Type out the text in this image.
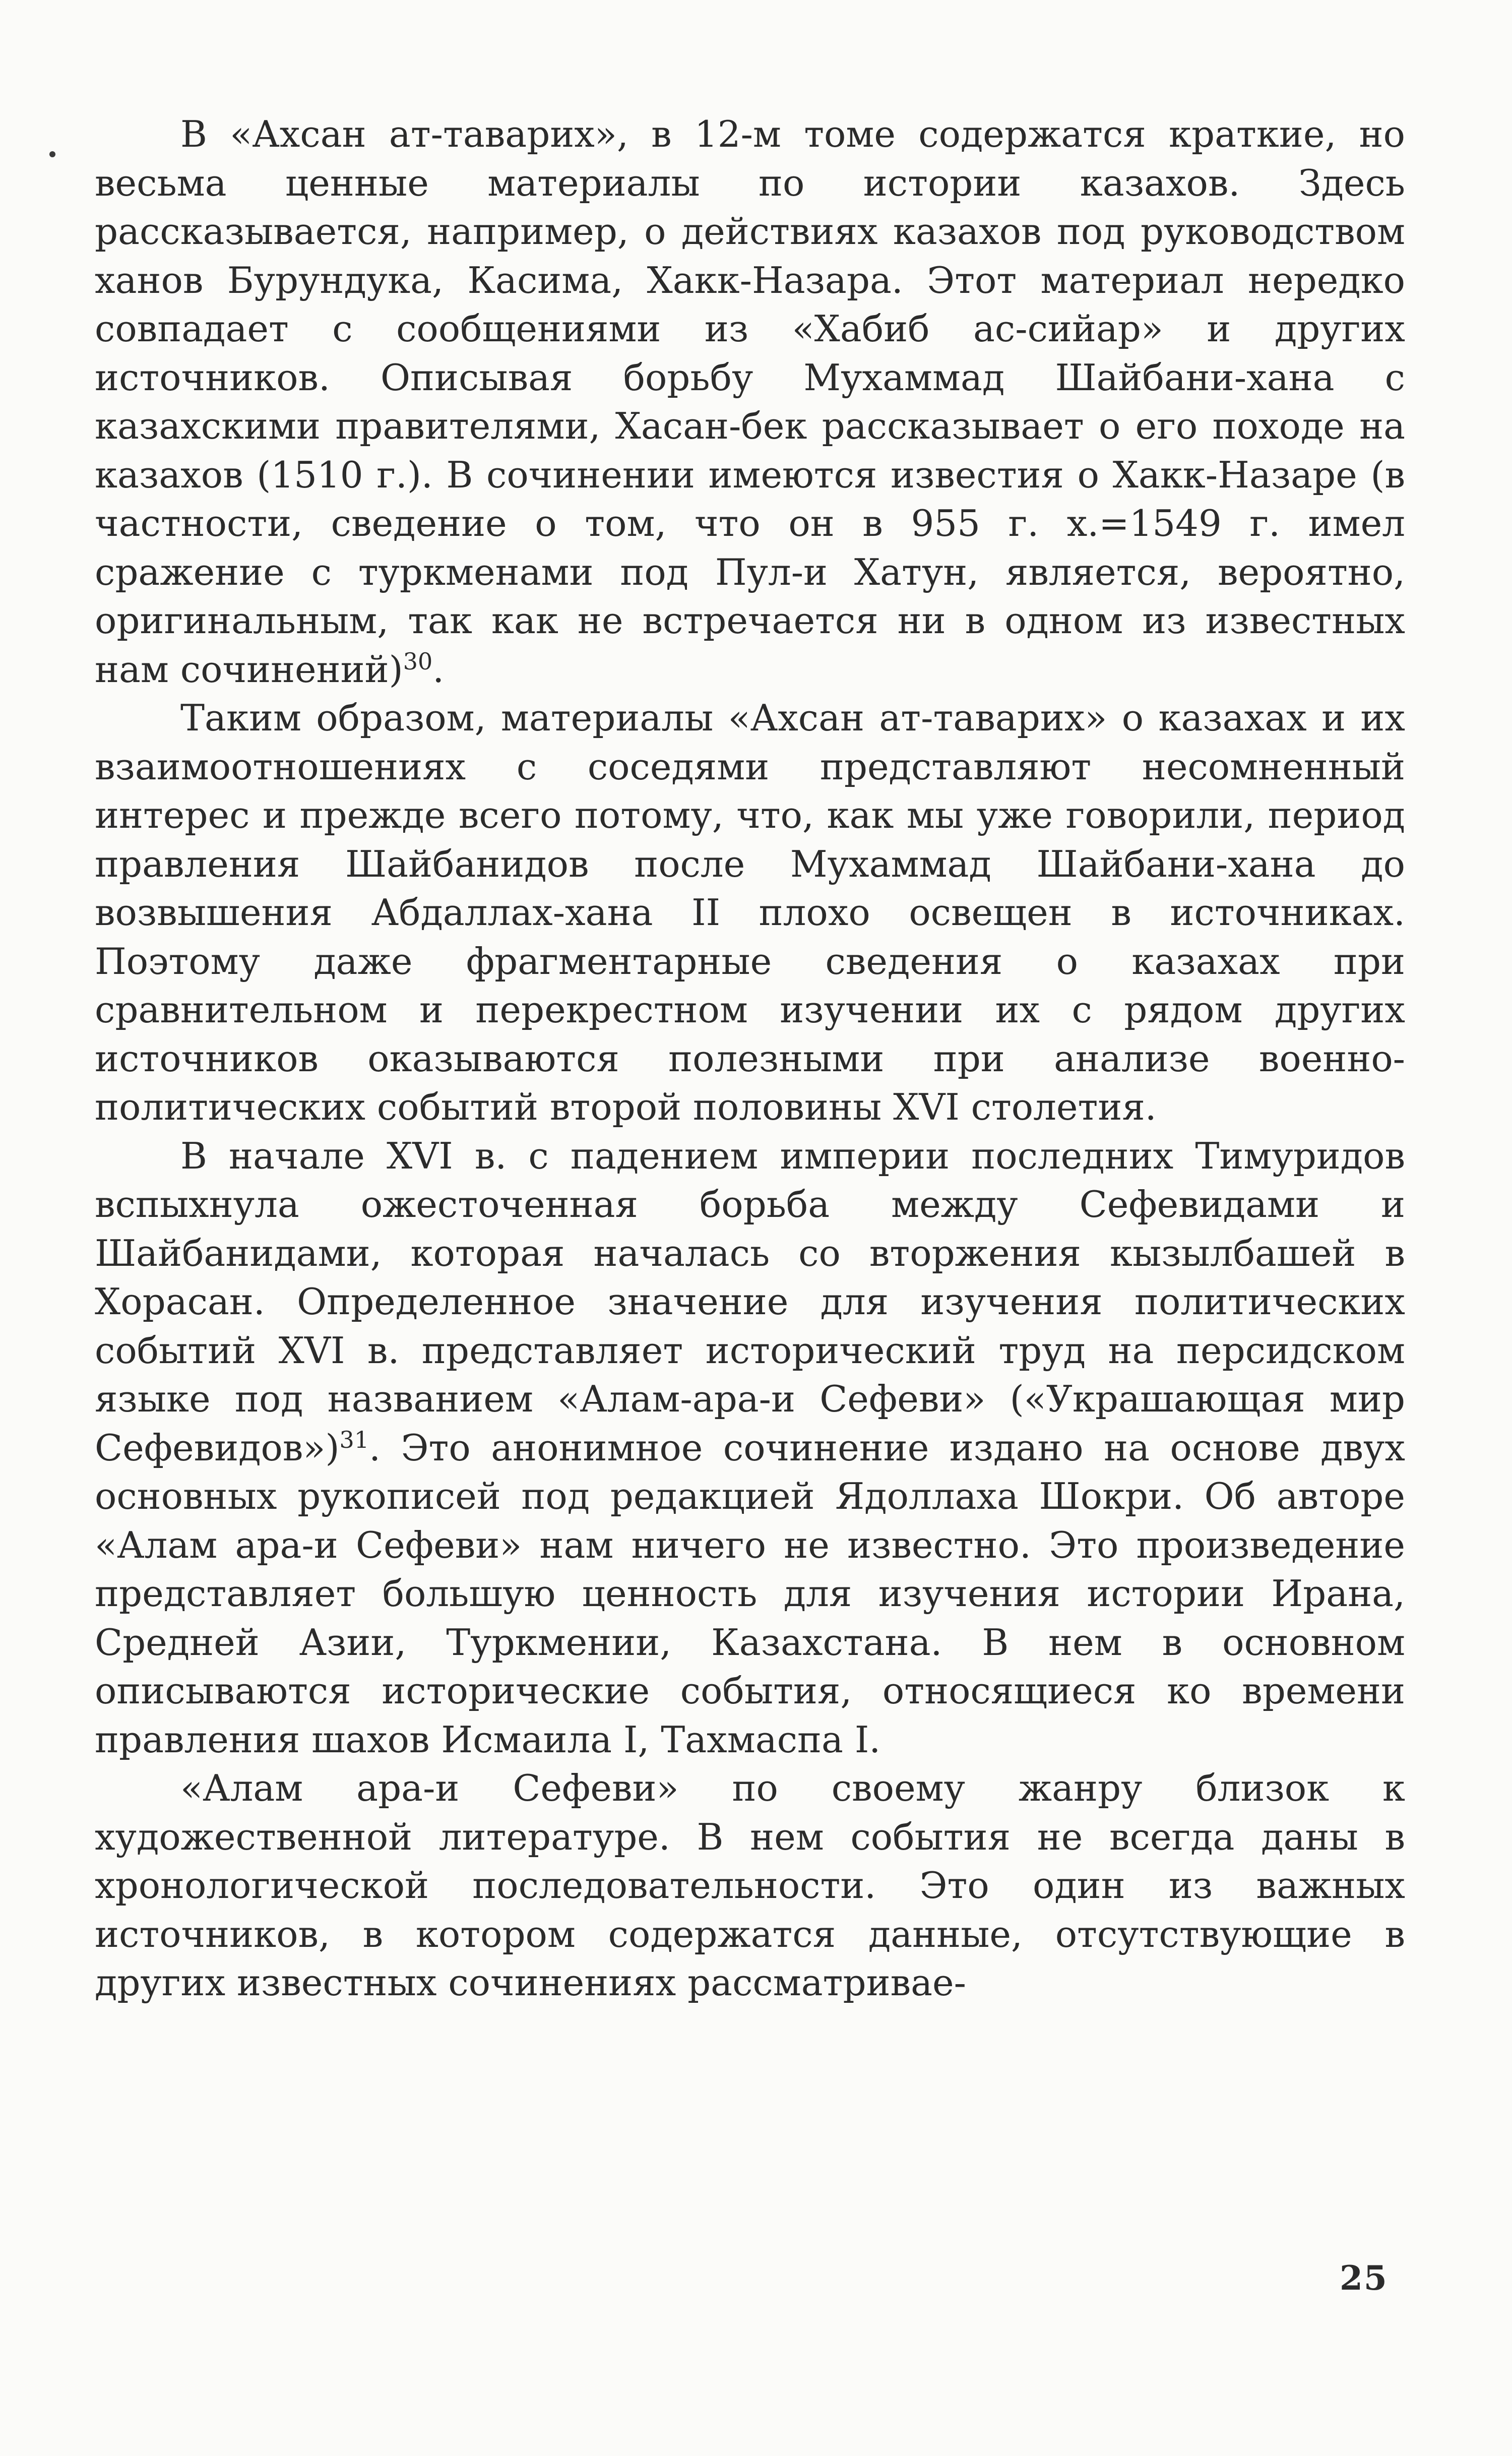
В «Ахсан ат-таварих», в 12-м томе содержатся краткие, но весьма ценные материалы по истории казахов. Здесь рассказывается, например, о действиях казахов под руководством ханов Бурундука, Касима, Хакк-Назара. Этот материал нередко совпадает с сообщениями из «Хабиб ас-сийар» и других источников. Описывая борьбу Мухаммад Шайбани-хана с казахскими правителями, Хасан-бек рассказывает о его походе на казахов (1510 г.). В сочинении имеются известия о Хакк-Назаре (в частности, сведение о том, что он в 955 г. х.=1549 г. имел сражение с туркменами под Пул-и Хатун, является, вероятно, оригинальным, так как не встречается ни в одном из известных нам сочинений)$^{30}$.

Таким образом, материалы «Ахсан ат-таварих» о казахах и их взаимоотношениях с соседями представляют несомненный интерес и прежде всего потому, что, как мы уже говорили, период правления Шайбанидов после Мухаммад Шайбани-хана до возвышения Абдаллах-хана II плохо освещен в источниках. Поэтому даже фрагментарные сведения о казахах при сравнительном и перекрестном изучении их с рядом других источников оказываются полезными при анализе военно-политических событий второй половины XVI столетия.

В начале XVI в. с падением империи последних Тимуридов вспыхнула ожесточенная борьба между Сефевидами и Шайбанидами, которая началась со вторжения кызылбашей в Хорасан. Определенное значение для изучения политических событий XVI в. представляет исторический труд на персидском языке под названием «Алам-ара-и Сефеви» («Украшающая мир Сефевидов»)$^{31}$. Это анонимное сочинение издано на основе двух основных рукописей под редакцией Ядоллаха Шокри. Об авторе «Алам ара-и Сефеви» нам ничего не известно. Это произведение представляет большую ценность для изучения истории Ирана, Средней Азии, Туркмении, Казахстана. В нем в основном описываются исторические события, относящиеся ко времени правления шахов Исмаила I, Тахмаспа I.

«Алам ара-и Сефеви» по своему жанру близок к художественной литературе. В нем события не всегда даны в хронологической последовательности. Это один из важных источников, в котором содержатся данные, отсутствующие в других известных сочинениях рассматривае-

25
